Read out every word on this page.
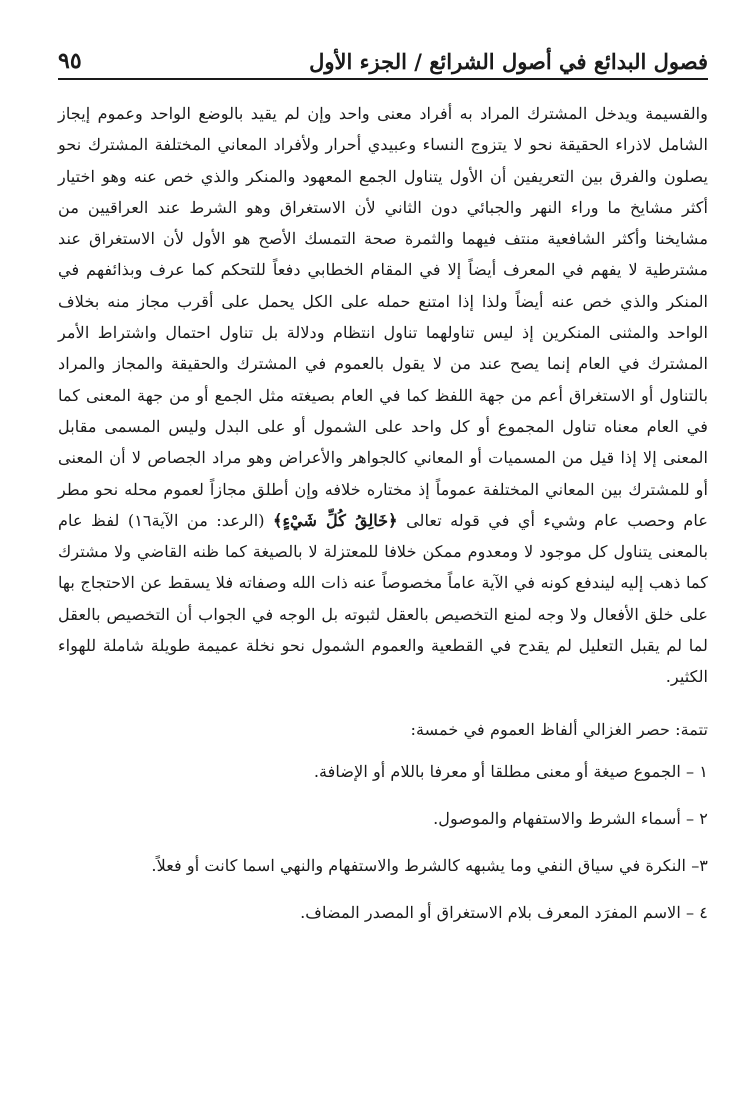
فصول البدائع في أصول الشرائع / الجزء الأول
٩٥

والقسيمة ويدخل المشترك المراد به أفراد معنى واحد وإن لم يقيد بالوضع الواحد وعموم إيجاز الشامل لاذراء الحقيقة نحو لا يتزوج النساء وعبيدي أحرار ولأفراد المعاني المختلفة المشترك نحو يصلون والفرق بين التعريفين أن الأول يتناول الجمع المعهود والمنكر والذي خص عنه وهو اختيار أكثر مشايخ ما وراء النهر والجبائي دون الثاني لأن الاستغراق وهو الشرط عند العراقيين من مشايخنا وأكثر الشافعية منتف فيهما والثمرة صحة التمسك الأصح هو الأول لأن الاستغراق عند مشترطية لا يفهم في المعرف أيضاً إلا في المقام الخطابي دفعاً للتحكم كما عرف وبذائفهم في المنكر والذي خص عنه أيضاً ولذا إذا امتنع حمله على الكل يحمل على أقرب مجاز منه بخلاف الواحد والمثنى المنكرين إذ ليس تناولهما تناول انتظام ودلالة بل تناول احتمال واشتراط الأمر المشترك في العام إنما يصح عند من لا يقول بالعموم في المشترك والحقيقة والمجاز والمراد بالتناول أو الاستغراق أعم من جهة اللفظ كما في العام بصيغته مثل الجمع أو من جهة المعنى كما في العام معناه تناول المجموع أو كل واحد على الشمول أو على البدل وليس المسمى مقابل المعنى إلا إذا قيل من المسميات أو المعاني كالجواهر والأعراض وهو مراد الجصاص لا أن المعنى أو للمشترك بين المعاني المختلفة عموماً إذ مختاره خلافه وإن أطلق مجازاً لعموم محله نحو مطر عام وحصب عام وشيء أي في قوله تعالى ﴿خَالِقُ كُلِّ شَيْءٍ﴾ (الرعد: من الآية١٦) لفظ عام بالمعنى يتناول كل موجود لا ومعدوم ممكن خلافا للمعتزلة لا بالصيغة كما ظنه القاضي ولا مشترك كما ذهب إليه ليندفع كونه في الآية عاماً مخصوصاً عنه ذات الله وصفاته فلا يسقط عن الاحتجاج بها على خلق الأفعال ولا وجه لمنع التخصيص بالعقل لثبوته بل الوجه في الجواب أن التخصيص بالعقل لما لم يقبل التعليل لم يقدح في القطعية والعموم الشمول نحو نخلة عميمة طويلة شاملة للهواء الكثير.

تتمة: حصر الغزالي ألفاظ العموم في خمسة:
١ – الجموع صيغة أو معنى مطلقا أو معرفا باللام أو الإضافة.
٢ – أسماء الشرط والاستفهام والموصول.
٣– النكرة في سياق النفي وما يشبهه كالشرط والاستفهام والنهي اسما كانت أو فعلاً.
٤ – الاسم المفرَد المعرف بلام الاستغراق أو المصدر المضاف.
